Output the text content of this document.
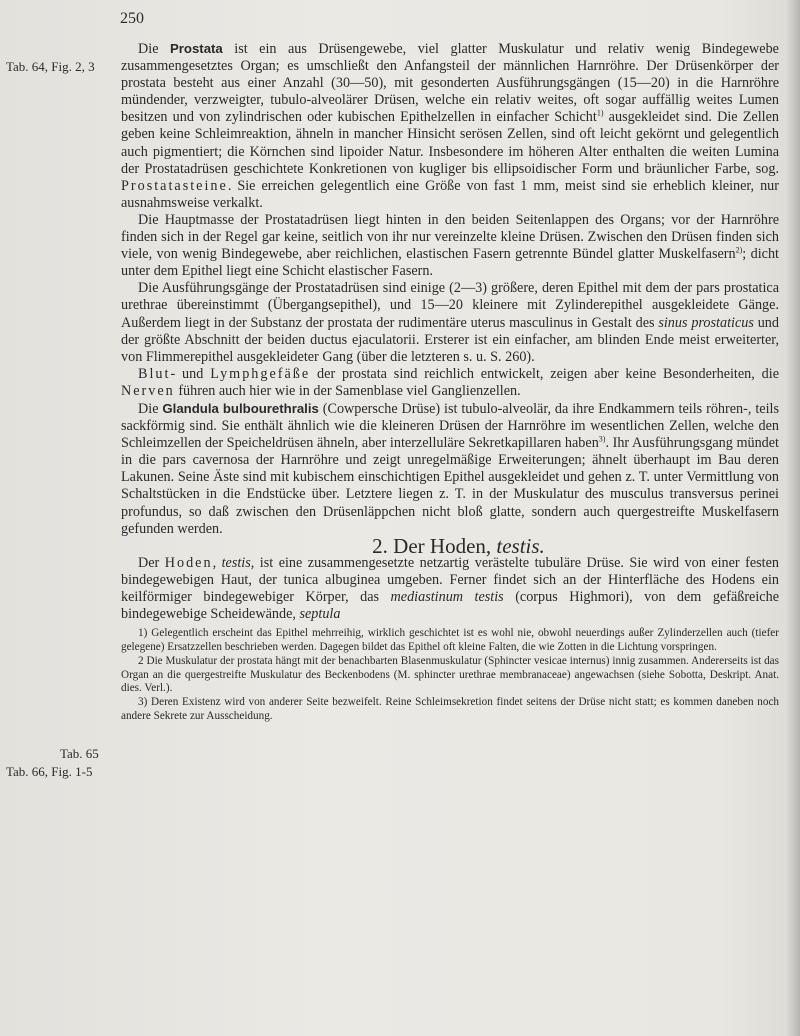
250
Tab. 64, Fig. 2, 3
Tab. 65
Tab. 66, Fig. 1-5

Die Prostata ist ein aus Drüsengewebe, viel glatter Muskulatur und relativ wenig Bindegewebe zusammengesetztes Organ; es umschließt den Anfangsteil der männlichen Harnröhre. Der Drüsenkörper der prostata besteht aus einer Anzahl (30—50), mit gesonderten Ausführungsgängen (15—20) in die Harnröhre mündender, verzweigter, tubulo-alveolärer Drüsen, welche ein relativ weites, oft sogar auffällig weites Lumen besitzen und von zylindrischen oder kubischen Epithelzellen in einfacher Schicht$^{1)}$ ausgekleidet sind. Die Zellen geben keine Schleimreaktion, ähneln in mancher Hinsicht serösen Zellen, sind oft leicht gekörnt und gelegentlich auch pigmentiert; die Körnchen sind lipoider Natur. Insbesondere im höheren Alter enthalten die weiten Lumina der Prostatadrüsen geschichtete Konkretionen von kugliger bis ellipsoidischer Form und bräunlicher Farbe, sog. Prostatasteine. Sie erreichen gelegentlich eine Größe von fast 1 mm, meist sind sie erheblich kleiner, nur ausnahmsweise verkalkt.

Die Hauptmasse der Prostatadrüsen liegt hinten in den beiden Seitenlappen des Organs; vor der Harnröhre finden sich in der Regel gar keine, seitlich von ihr nur vereinzelte kleine Drüsen. Zwischen den Drüsen finden sich viele, von wenig Bindegewebe, aber reichlichen, elastischen Fasern getrennte Bündel glatter Muskelfasern$^{2)}$; dicht unter dem Epithel liegt eine Schicht elastischer Fasern.

Die Ausführungsgänge der Prostatadrüsen sind einige (2—3) größere, deren Epithel mit dem der pars prostatica urethrae übereinstimmt (Übergangsepithel), und 15—20 kleinere mit Zylinderepithel ausgekleidete Gänge. Außerdem liegt in der Substanz der prostata der rudimentäre uterus masculinus in Gestalt des sinus prostaticus und der größte Abschnitt der beiden ductus ejaculatorii. Ersterer ist ein einfacher, am blinden Ende meist erweiterter, von Flimmerepithel ausgekleideter Gang (über die letzteren s. u. S. 260).

Blut- und Lymphgefäße der prostata sind reichlich entwickelt, zeigen aber keine Besonderheiten, die Nerven führen auch hier wie in der Samenblase viel Ganglienzellen.

Die Glandula bulbourethralis (Cowpersche Drüse) ist tubulo-alveolär, da ihre Endkammern teils röhren-, teils sackförmig sind. Sie enthält ähnlich wie die kleineren Drüsen der Harnröhre im wesentlichen Zellen, welche den Schleimzellen der Speicheldrüsen ähneln, aber interzelluläre Sekretkapillaren haben$^{3)}$. Ihr Ausführungsgang mündet in die pars cavernosa der Harnröhre und zeigt unregelmäßige Erweiterungen; ähnelt überhaupt im Bau deren Lakunen. Seine Äste sind mit kubischem einschichtigen Epithel ausgekleidet und gehen z. T. unter Vermittlung von Schaltstücken in die Endstücke über. Letztere liegen z. T. in der Muskulatur des musculus transversus perinei profundus, so daß zwischen den Drüsenläppchen nicht bloß glatte, sondern auch quergestreifte Muskelfasern gefunden werden.

2. Der Hoden, testis.

Der Hoden, testis, ist eine zusammengesetzte netzartig verästelte tubuläre Drüse. Sie wird von einer festen bindegewebigen Haut, der tunica albuginea umgeben. Ferner findet sich an der Hinterfläche des Hodens ein keilförmiger bindegewebiger Körper, das mediastinum testis (corpus Highmori), von dem gefäßreiche bindegewebige Scheidewände, septula

1) Gelegentlich erscheint das Epithel mehrreihig, wirklich geschichtet ist es wohl nie, obwohl neuerdings außer Zylinderzellen auch (tiefer gelegene) Ersatzzellen beschrieben werden. Dagegen bildet das Epithel oft kleine Falten, die wie Zotten in die Lichtung vorspringen.

2 Die Muskulatur der prostata hängt mit der benachbarten Blasenmuskulatur (Sphincter vesicae internus) innig zusammen. Andererseits ist das Organ an die quergestreifte Muskulatur des Beckenbodens (M. sphincter urethrae membranaceae) angewachsen (siehe Sobotta, Deskript. Anat. dies. Verl.).

3) Deren Existenz wird von anderer Seite bezweifelt. Reine Schleimsekretion findet seitens der Drüse nicht statt; es kommen daneben noch andere Sekrete zur Ausscheidung.
